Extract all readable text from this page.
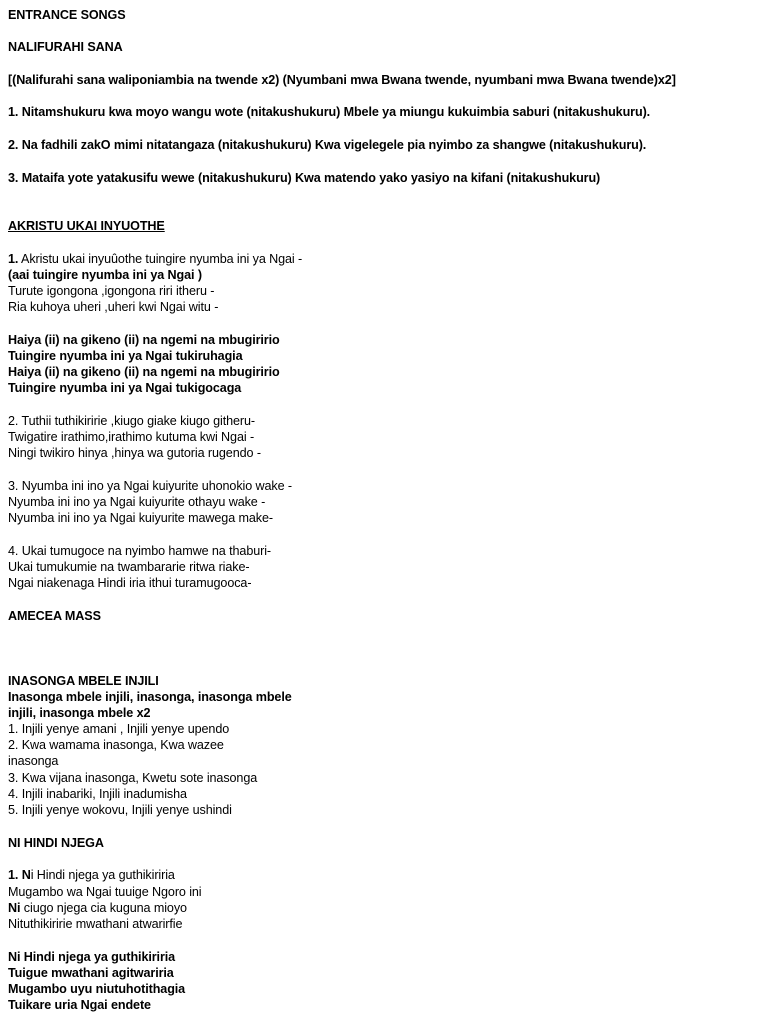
ENTRANCE SONGS
NALIFURAHI SANA
[(Nalifurahi sana waliponiambia na twende x2) (Nyumbani mwa Bwana twende, nyumbani mwa Bwana twende)x2]
1. Nitamshukuru kwa moyo wangu wote (nitakushukuru) Mbele ya miungu kukuimbia saburi (nitakushukuru).
2. Na fadhili zakO mimi nitatangaza (nitakushukuru) Kwa vigelegele pia nyimbo za shangwe (nitakushukuru).
3. Mataifa yote yatakusifu wewe (nitakushukuru) Kwa matendo yako yasiyo na kifani (nitakushukuru)
AKRISTU UKAI INYUOTHE
1. Akristu ukai inyuûothe tuingire nyumba ini ya Ngai -
(aai tuingire nyumba ini ya Ngai )
Turute igongona ,igongona riri itheru -
Ria kuhoya uheri ,uheri kwi Ngai witu -
Haiya (ii) na gikeno (ii) na ngemi na mbugiririo
Tuingire nyumba ini ya Ngai tukiruhagia
Haiya (ii) na gikeno (ii) na ngemi na mbugiririo
Tuingire nyumba ini ya Ngai tukigocaga
2. Tuthii tuthikiririe ,kiugo giake kiugo githeru-
Twigatire irathimo,irathimo kutuma kwi Ngai -
Ningi twikiro hinya ,hinya wa gutoria rugendo -
3. Nyumba ini ino ya Ngai kuiyurite uhonokio wake -
Nyumba ini ino ya Ngai kuiyurite othayu wake -
Nyumba ini ino ya Ngai kuiyurite mawega make-
4. Ukai tumugoce na nyimbo hamwe na thaburi-
Ukai tumukumie na twambararie ritwa riake-
Ngai niakenaga Hindi iria ithui turamugooca-
AMECEA MASS
INASONGA MBELE INJILI
Inasonga mbele injili, inasonga, inasonga mbele
injili, inasonga mbele x2
1. Injili yenye amani , Injili yenye upendo
2. Kwa wamama inasonga, Kwa wazee
inasonga
3. Kwa vijana inasonga, Kwetu sote inasonga
4. Injili inabariki, Injili inadumisha
5. Injili yenye wokovu, Injili yenye ushindi
NI HINDI NJEGA
1. Ni Hindi njega ya guthikiriria
Mugambo wa Ngai tuuige Ngoro ini
Ni ciugo njega cia kuguna mioyo
Nituthikiririe mwathani atwarirfie
Ni Hindi njega ya guthikiriria
Tuigue mwathani agitwariria
Mugambo uyu niutuhotithagia
Tuikare uria Ngai endete
